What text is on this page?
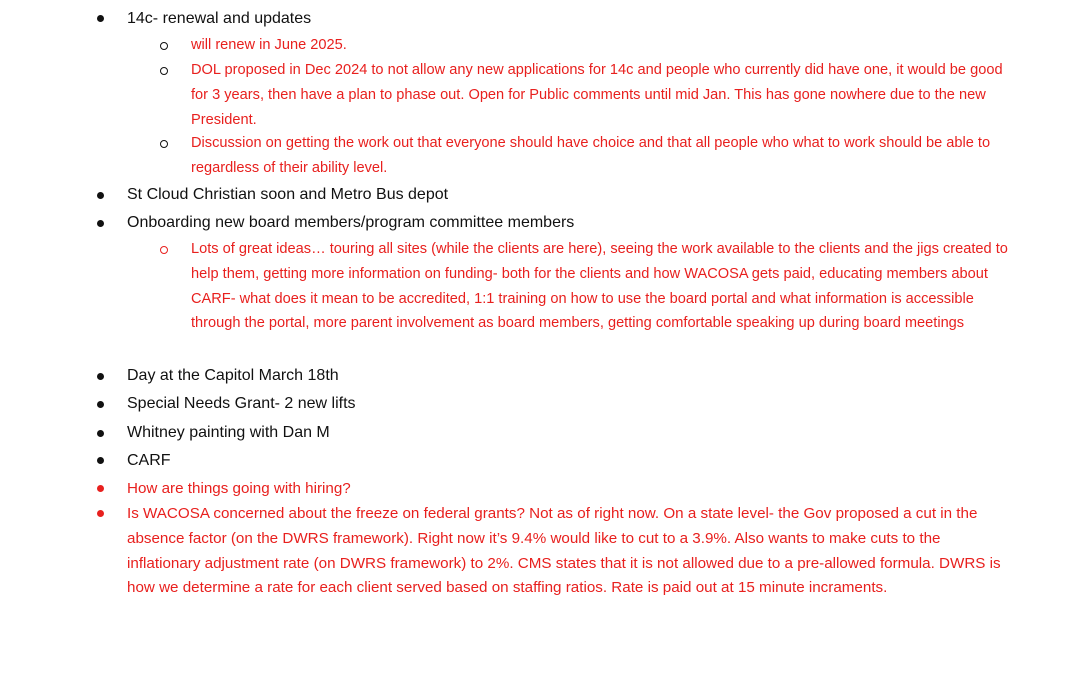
14c- renewal and updates
will renew in June 2025.
DOL proposed in Dec 2024 to not allow any new applications for 14c and people who currently did have one, it would be good for 3 years, then have a plan to phase out. Open for Public comments until mid Jan. This has gone nowhere due to the new President.
Discussion on getting the work out that everyone should have choice and that all people who what to work should be able to regardless of their ability level.
St Cloud Christian soon and Metro Bus depot
Onboarding new board members/program committee members
Lots of great ideas… touring all sites (while the clients are here), seeing the work available to the clients and the jigs created to help them, getting more information on funding- both for the clients and how WACOSA gets paid, educating members about CARF- what does it mean to be accredited, 1:1 training on how to use the board portal and what information is accessible through the portal, more parent involvement as board members, getting comfortable speaking up during board meetings
Day at the Capitol March 18th
Special Needs Grant- 2 new lifts
Whitney painting with Dan M
CARF
How are things going with hiring?
Is WACOSA concerned about the freeze on federal grants? Not as of right now. On a state level- the Gov proposed a cut in the absence factor (on the DWRS framework). Right now it’s 9.4% would like to cut to a 3.9%. Also wants to make cuts to the inflationary adjustment rate (on DWRS framework) to 2%. CMS states that it is not allowed due to a pre-allowed formula. DWRS is how we determine a rate for each client served based on staffing ratios. Rate is paid out at 15 minute incraments.
